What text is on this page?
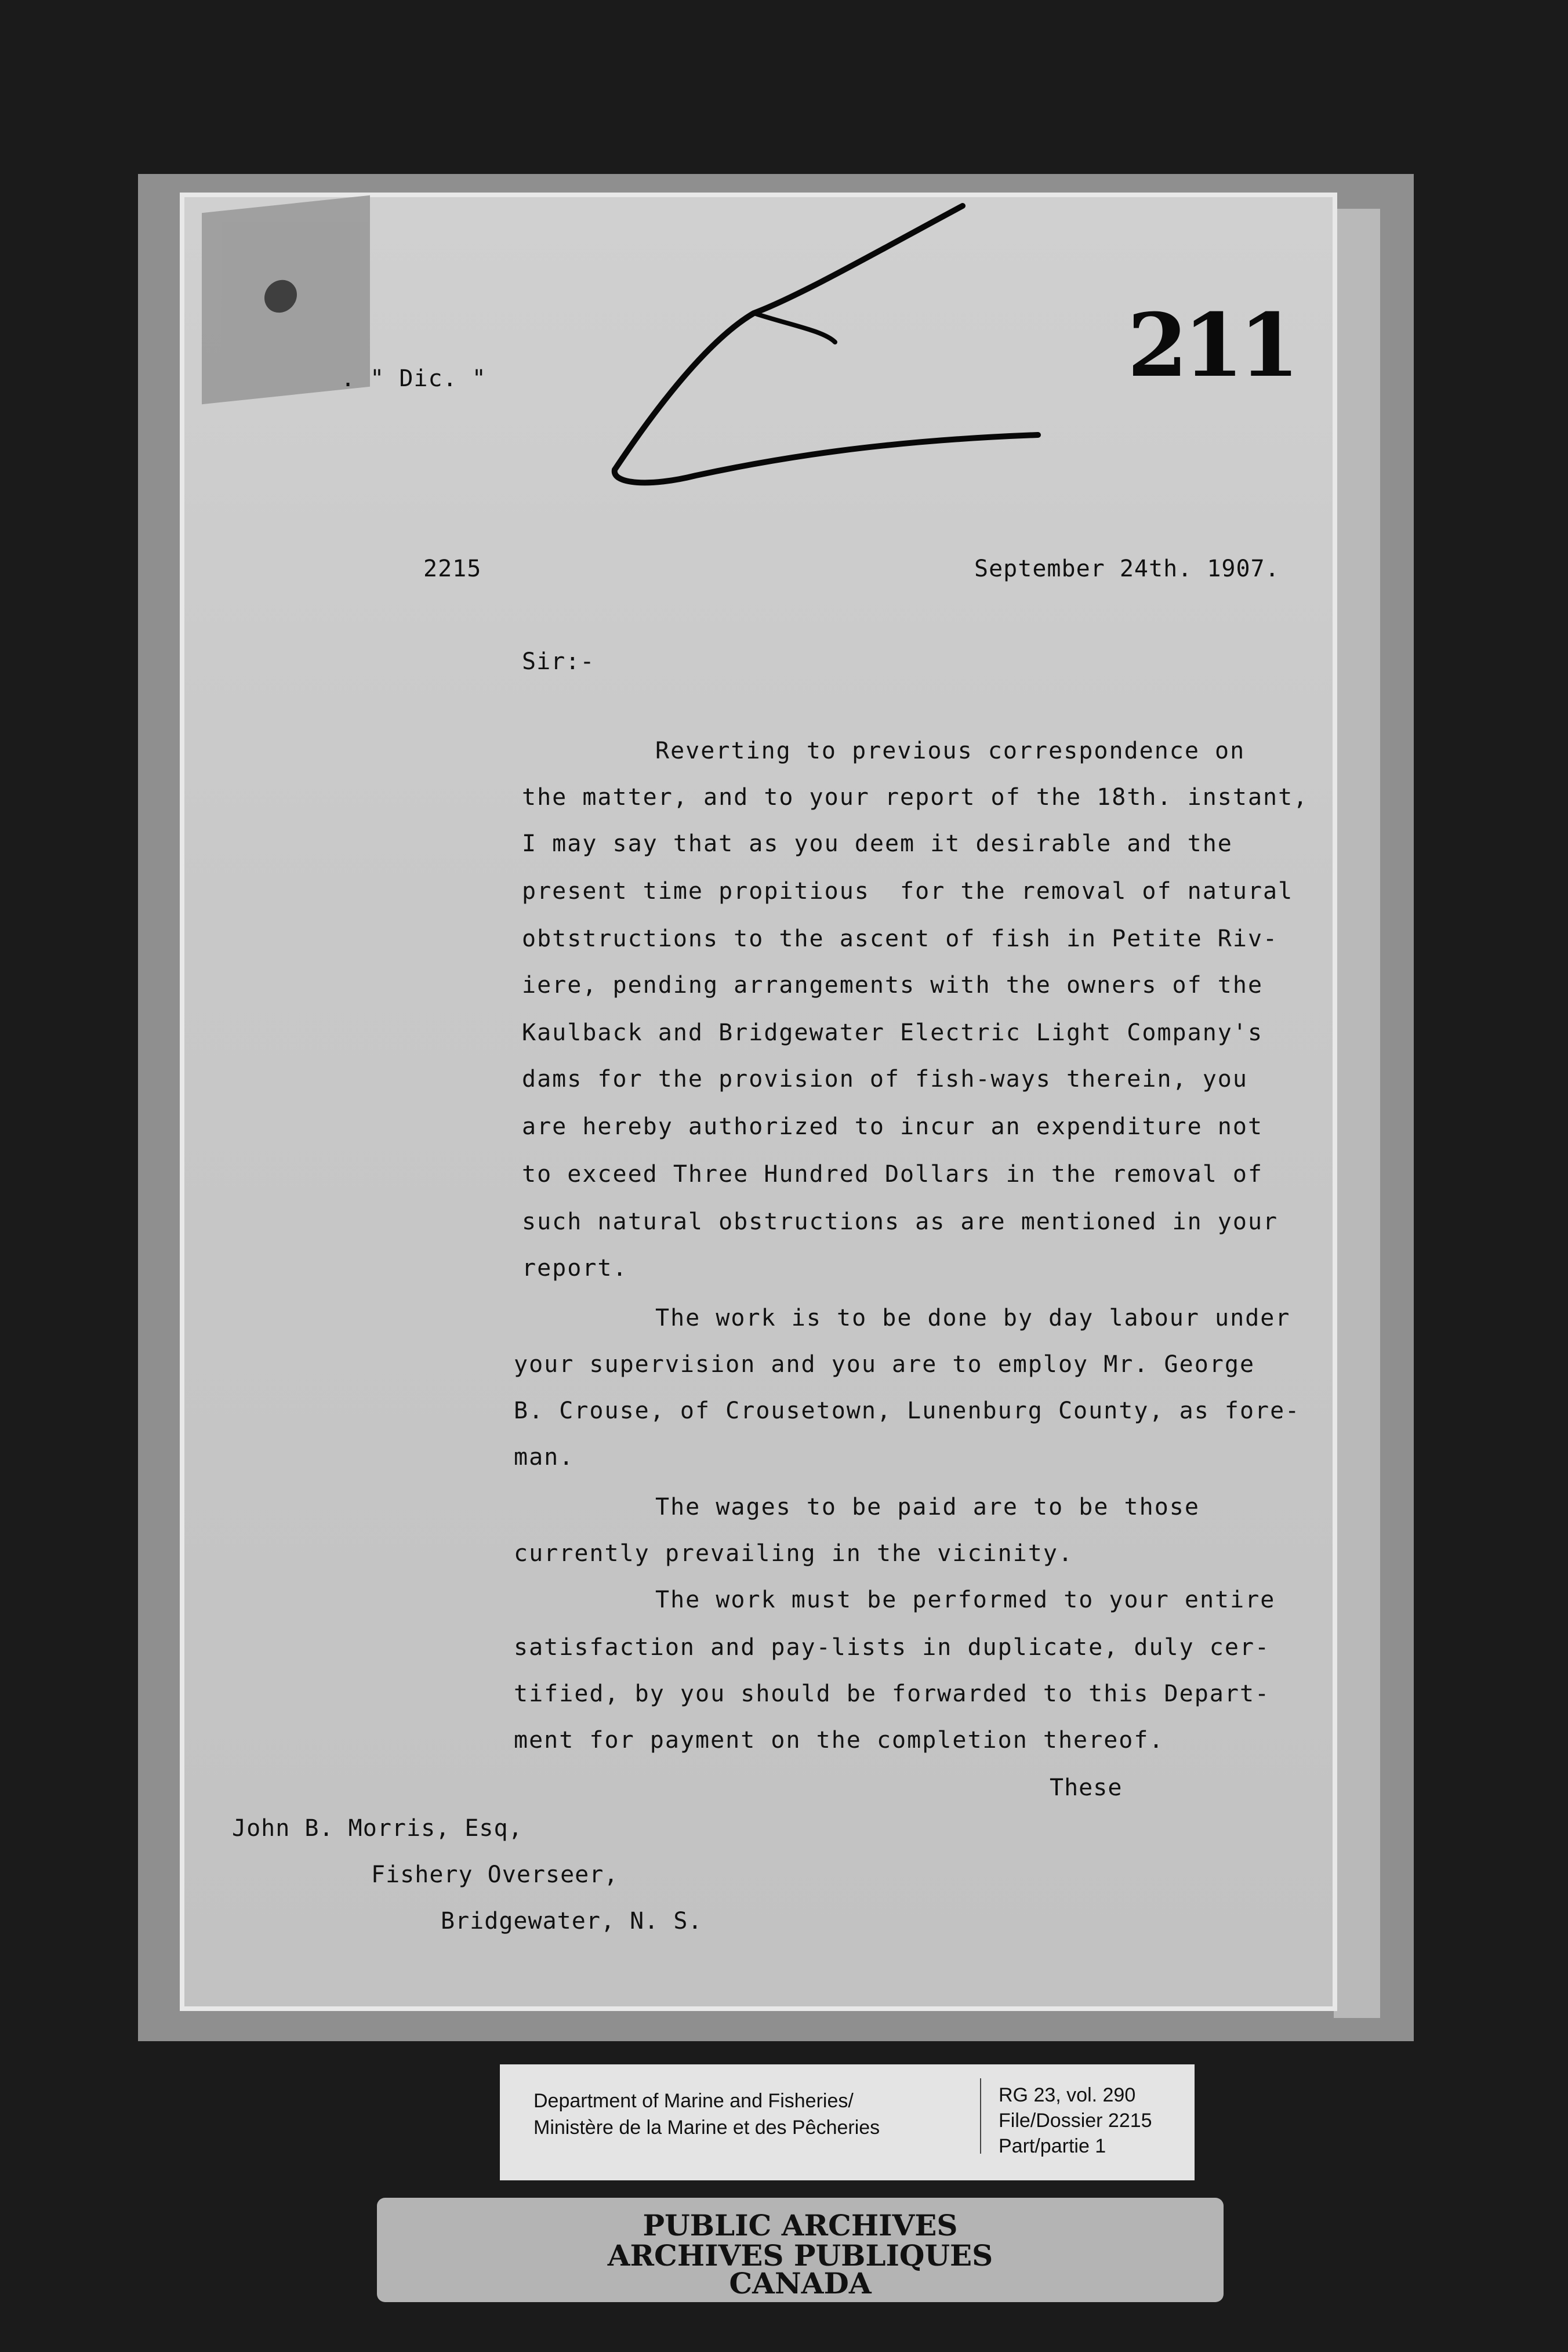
. " Dic. "	211
2215	September 24th. 1907.
Sir:-
Reverting to previous correspondence on
the matter, and to your report of the 18th. instant,
I may say that as you deem it desirable and the
present time propitious  for the removal of natural
obtstructions to the ascent of fish in Petite Riv-
iere, pending arrangements with the owners of the
Kaulback and Bridgewater Electric Light Company's
dams for the provision of fish-ways therein, you
are hereby authorized to incur an expenditure not
to exceed Three Hundred Dollars in the removal of
such natural obstructions as are mentioned in your
report.
The work is to be done by day labour under
your supervision and you are to employ Mr. George
B. Crouse, of Crousetown, Lunenburg County, as fore-
man.
The wages to be paid are to be those
currently prevailing in the vicinity.
The work must be performed to your entire
satisfaction and pay-lists in duplicate, duly cer-
tified, by you should be forwarded to this Depart-
ment for payment on the completion thereof.
These
John B. Morris, Esq,
Fishery Overseer,
Bridgewater, N. S.
Department of Marine and Fisheries/
Ministère de la Marine et des Pêcheries
RG 23, vol. 290
File/Dossier 2215
Part/partie 1
PUBLIC ARCHIVES
ARCHIVES PUBLIQUES
CANADA
